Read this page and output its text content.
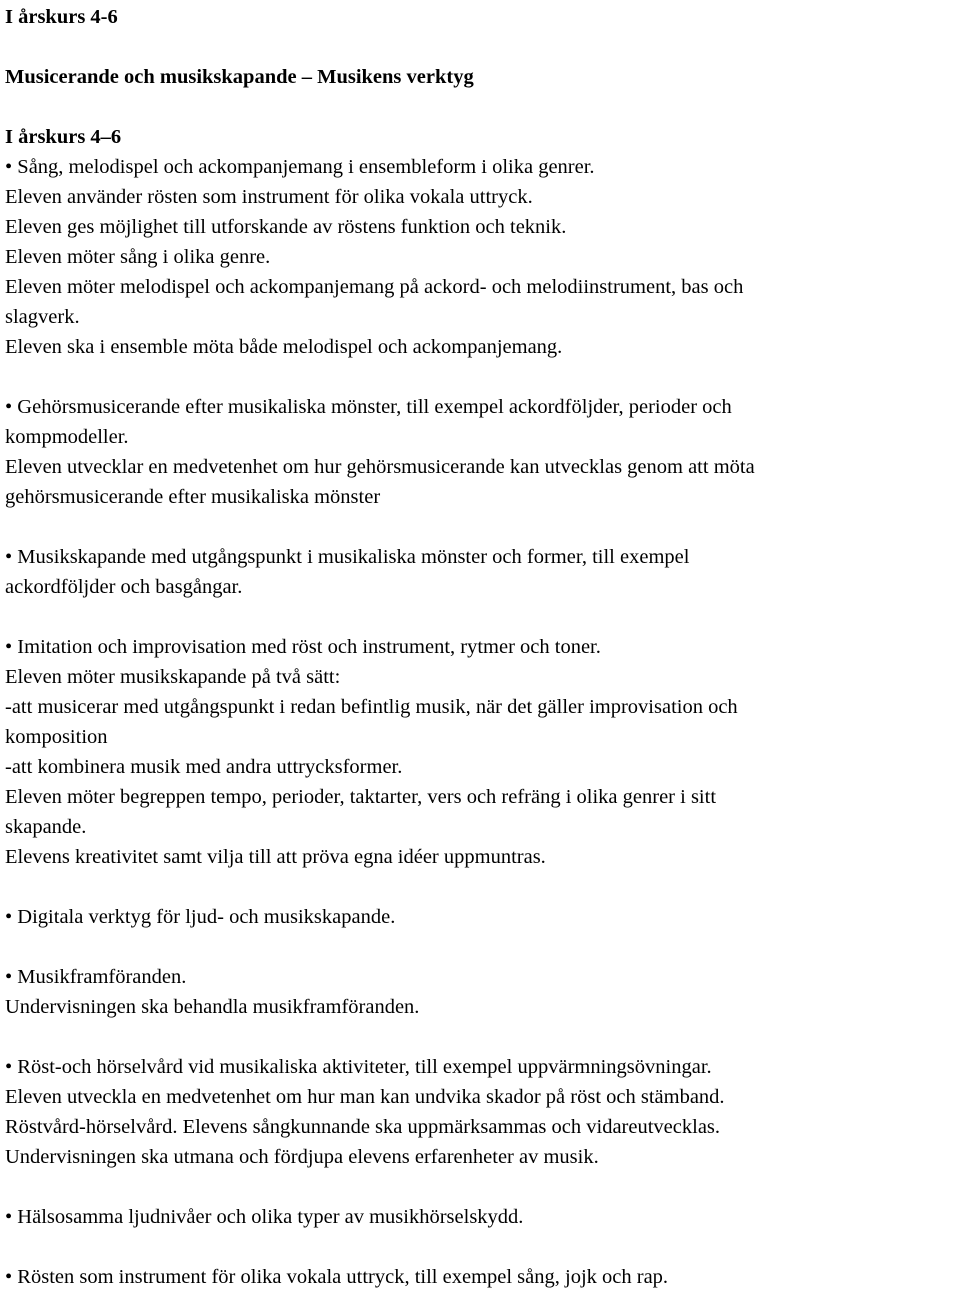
I årskurs 4-6
Musicerande och musikskapande – Musikens verktyg
I årskurs 4–6
• Sång, melodispel och ackompanjemang i ensembleform i olika genrer.
Eleven använder rösten som instrument för olika vokala uttryck.
Eleven ges möjlighet till utforskande av röstens funktion och teknik.
Eleven möter sång i olika genre.
Eleven möter melodispel och ackompanjemang på ackord- och melodiinstrument, bas och
slagverk.
Eleven ska i ensemble möta både melodispel och ackompanjemang.
• Gehörsmusicerande efter musikaliska mönster, till exempel ackordföljder, perioder och
kompmodeller.
Eleven utvecklar en medvetenhet om hur gehörsmusicerande kan utvecklas genom att möta
gehörsmusicerande efter musikaliska mönster
• Musikskapande med utgångspunkt i musikaliska mönster och former, till exempel
ackordföljder och basgångar.
• Imitation och improvisation med röst och instrument, rytmer och toner.
Eleven möter musikskapande på två sätt:
-att musicerar med utgångspunkt i redan befintlig musik, när det gäller improvisation och
komposition
-att kombinera musik med andra uttrycksformer.
Eleven möter begreppen tempo, perioder, taktarter, vers och refräng i olika genrer i sitt
skapande.
Elevens kreativitet samt vilja till att pröva egna idéer uppmuntras.
• Digitala verktyg för ljud- och musikskapande.
• Musikframföranden.
Undervisningen ska behandla musikframföranden.
• Röst-och hörselvård vid musikaliska aktiviteter, till exempel uppvärmningsövningar.
Eleven utveckla en medvetenhet om hur man kan undvika skador på röst och stämband.
Röstvård-hörselvård. Elevens sångkunnande ska uppmärksammas och vidareutvecklas.
Undervisningen ska utmana och fördjupa elevens erfarenheter av musik.
• Hälsosamma ljudnivåer och olika typer av musikhörselskydd.
• Rösten som instrument för olika vokala uttryck, till exempel sång, jojk och rap.
